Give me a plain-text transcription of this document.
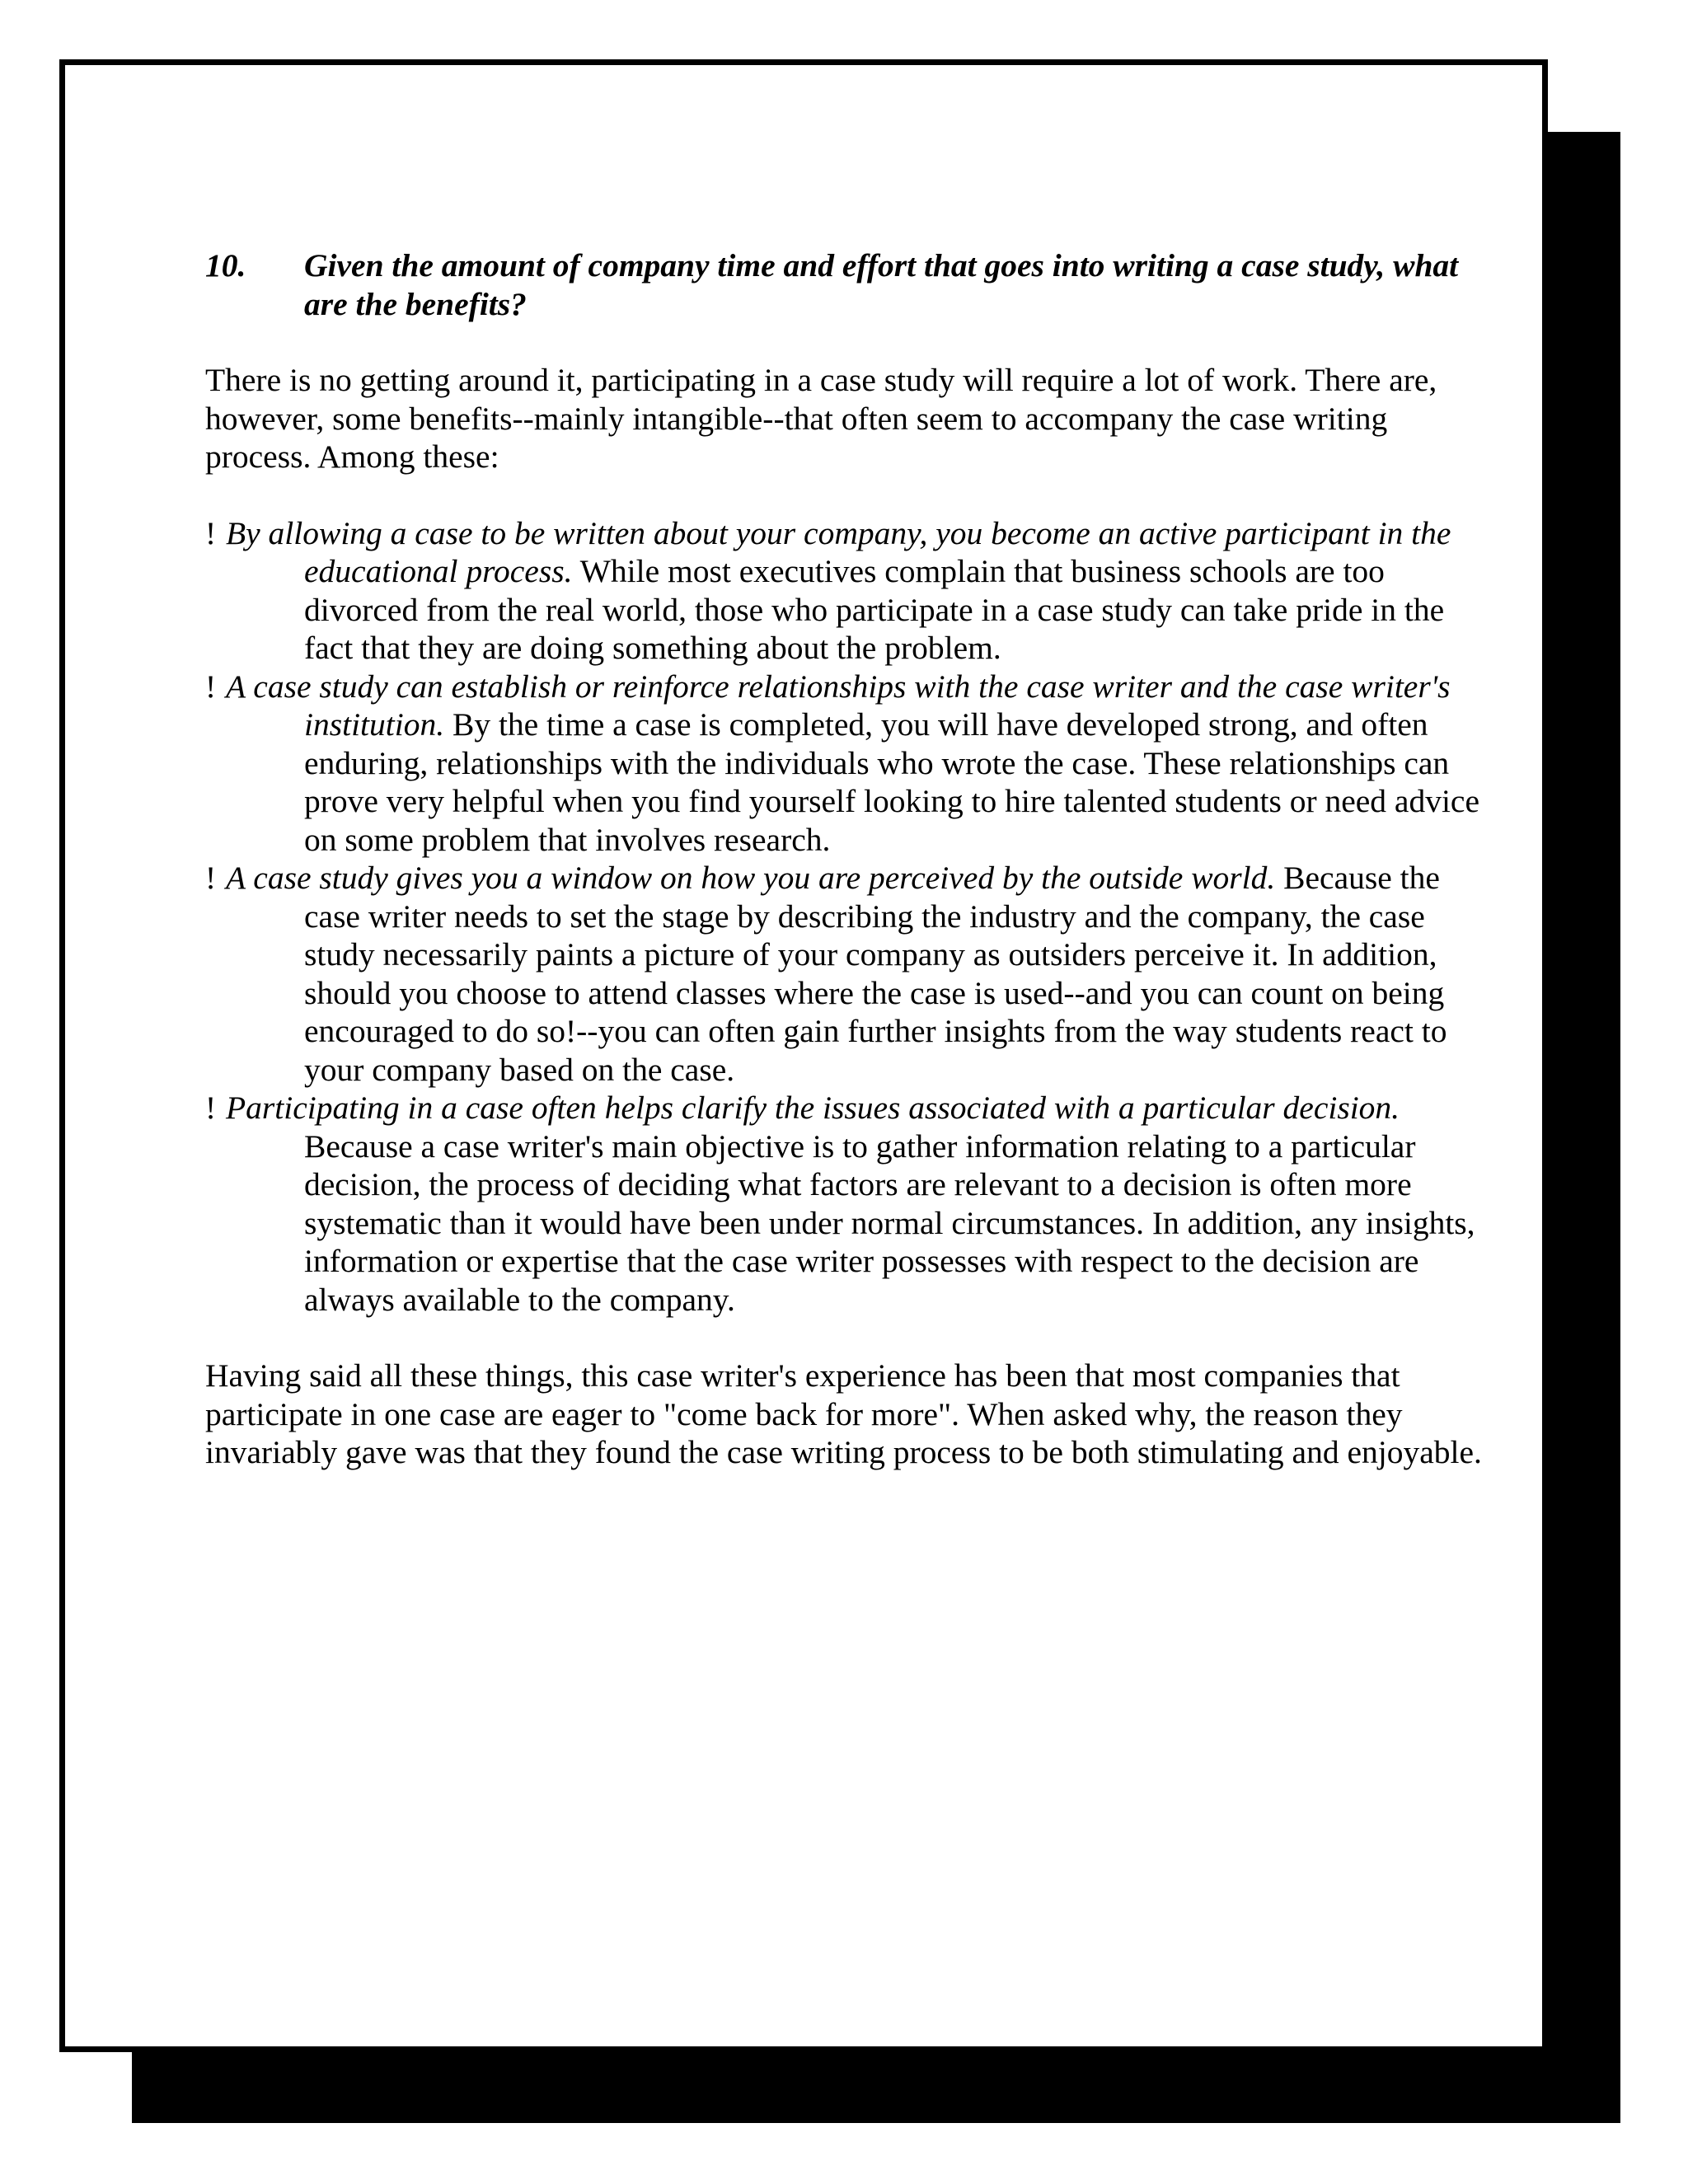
10. Given the amount of company time and effort that goes into writing a case study, what are the benefits?

There is no getting around it, participating in a case study will require a lot of work. There are, however, some benefits--mainly intangible--that often seem to accompany the case writing process. Among these:

! By allowing a case to be written about your company, you become an active participant in the educational process. While most executives complain that business schools are too divorced from the real world, those who participate in a case study can take pride in the fact that they are doing something about the problem.
! A case study can establish or reinforce relationships with the case writer and the case writer's institution. By the time a case is completed, you will have developed strong, and often enduring, relationships with the individuals who wrote the case. These relationships can prove very helpful when you find yourself looking to hire talented students or need advice on some problem that involves research.
! A case study gives you a window on how you are perceived by the outside world. Because the case writer needs to set the stage by describing the industry and the company, the case study necessarily paints a picture of your company as outsiders perceive it. In addition, should you choose to attend classes where the case is used--and you can count on being encouraged to do so!--you can often gain further insights from the way students react to your company based on the case.
! Participating in a case often helps clarify the issues associated with a particular decision. Because a case writer's main objective is to gather information relating to a particular decision, the process of deciding what factors are relevant to a decision is often more systematic than it would have been under normal circumstances. In addition, any insights, information or expertise that the case writer possesses with respect to the decision are always available to the company.

Having said all these things, this case writer's experience has been that most companies that participate in one case are eager to "come back for more". When asked why, the reason they invariably gave was that they found the case writing process to be both stimulating and enjoyable.
